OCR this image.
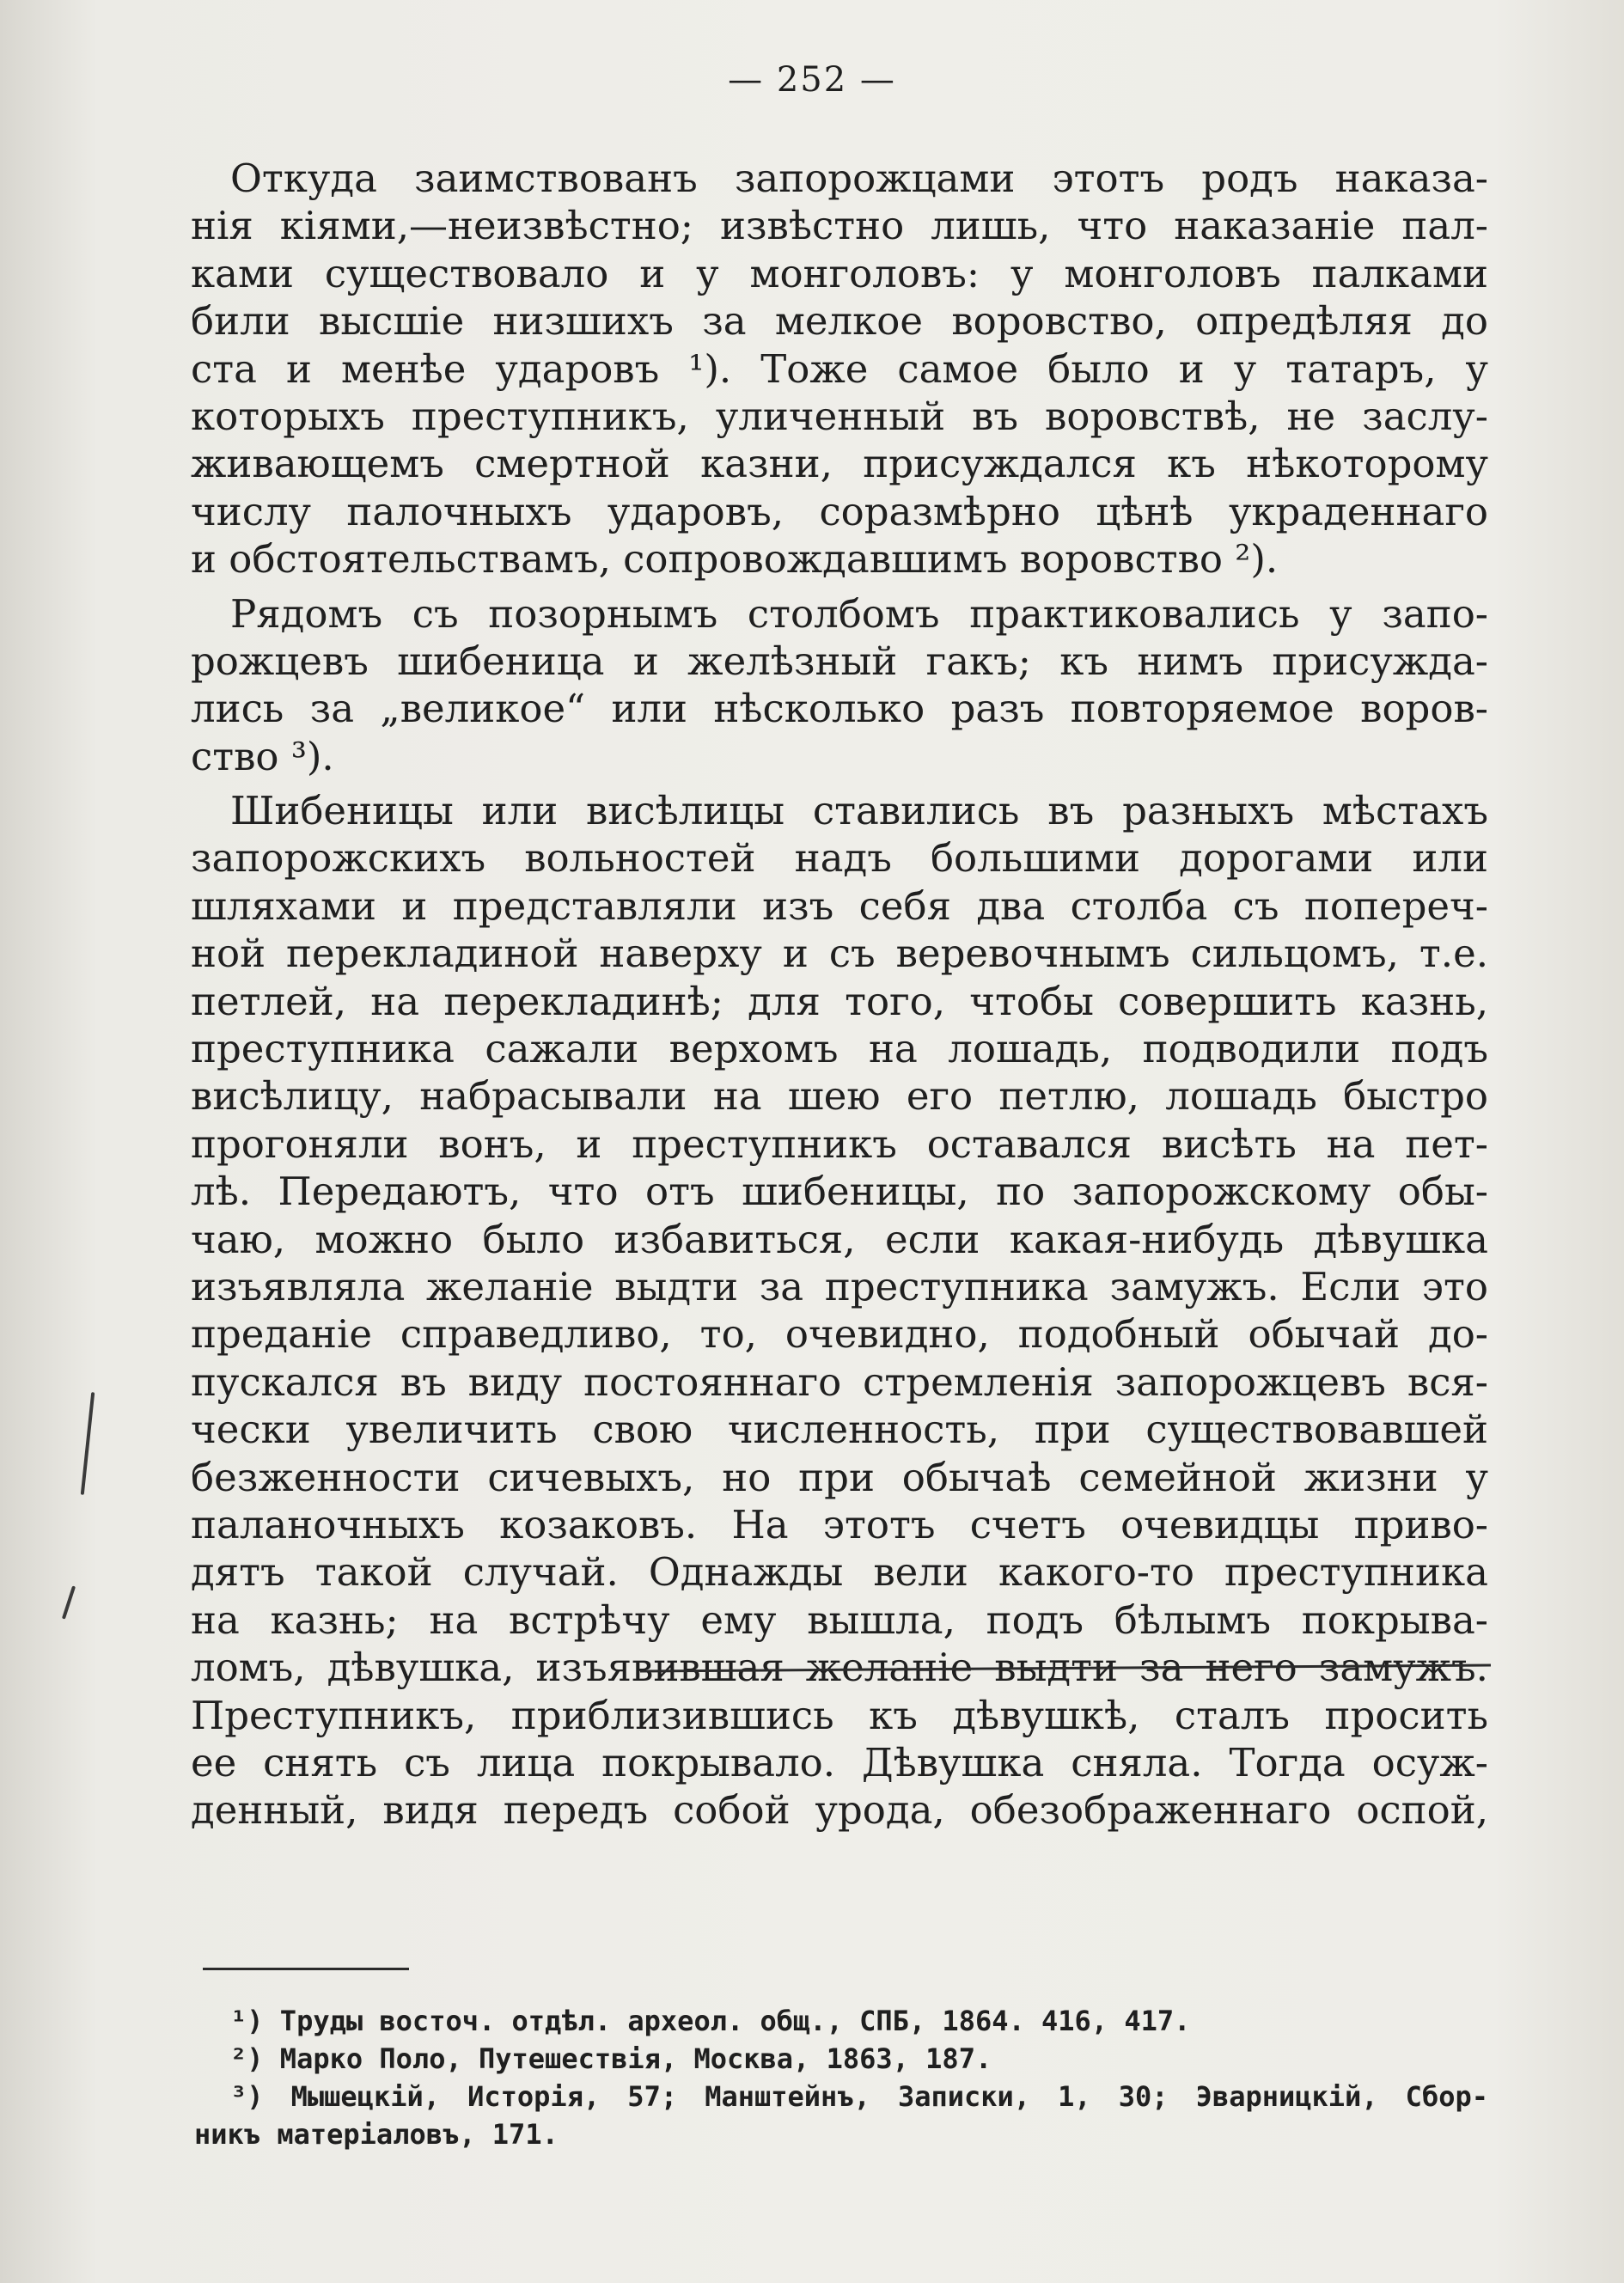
— 252 —
Откуда заимствованъ запорожцами этотъ родъ наказа-
нія кіями,—неизвѣстно; извѣстно лишь, что наказаніе пал-
ками существовало и у монголовъ: у монголовъ палками
били высшіе низшихъ за мелкое воровство, опредѣляя до
ста и менѣе ударовъ ¹). Тоже самое было и у татаръ, у
которыхъ преступникъ, уличенный въ воровствѣ, не заслу-
живающемъ смертной казни, присуждался къ нѣкоторому
числу палочныхъ ударовъ, соразмѣрно цѣнѣ украденнаго
и обстоятельствамъ, сопровождавшимъ воровство ²).
Рядомъ съ позорнымъ столбомъ практиковались у запо-
рожцевъ шибеница и желѣзный гакъ; къ нимъ присужда-
лись за „великое“ или нѣсколько разъ повторяемое воров-
ство ³).
Шибеницы или висѣлицы ставились въ разныхъ мѣстахъ
запорожскихъ вольностей надъ большими дорогами или
шляхами и представляли изъ себя два столба съ попереч-
ной перекладиной наверху и съ веревочнымъ сильцомъ, т.е.
петлей, на перекладинѣ; для того, чтобы совершить казнь,
преступника сажали верхомъ на лошадь, подводили подъ
висѣлицу, набрасывали на шею его петлю, лошадь быстро
прогоняли вонъ, и преступникъ оставался висѣть на пет-
лѣ. Передаютъ, что отъ шибеницы, по запорожскому обы-
чаю, можно было избавиться, если какая-нибудь дѣвушка
изъявляла желаніе выдти за преступника замужъ. Если это
преданіе справедливо, то, очевидно, подобный обычай до-
пускался въ виду постояннаго стремленія запорожцевъ вся-
чески увеличить свою численность, при существовавшей
безженности сичевыхъ, но при обычаѣ семейной жизни у
паланочныхъ козаковъ. На этотъ счетъ очевидцы приво-
дятъ такой случай. Однажды вели какого-то преступника
на казнь; на встрѣчу ему вышла, подъ бѣлымъ покрыва-
ломъ, дѣвушка, изъявившая желаніе выдти за него замужъ.
Преступникъ, приблизившись къ дѣвушкѣ, сталъ просить
ее снять съ лица покрывало. Дѣвушка сняла. Тогда осуж-
денный, видя передъ собой урода, обезображеннаго оспой,
¹) Труды восточ. отдѣл. археол. общ., СПБ, 1864. 416, 417.
²) Марко Поло, Путешествія, Москва, 1863, 187.
³) Мышецкій, Исторія, 57; Манштейнъ, Записки, 1, 30; Эварницкій, Сбор-
никъ матеріаловъ, 171.
